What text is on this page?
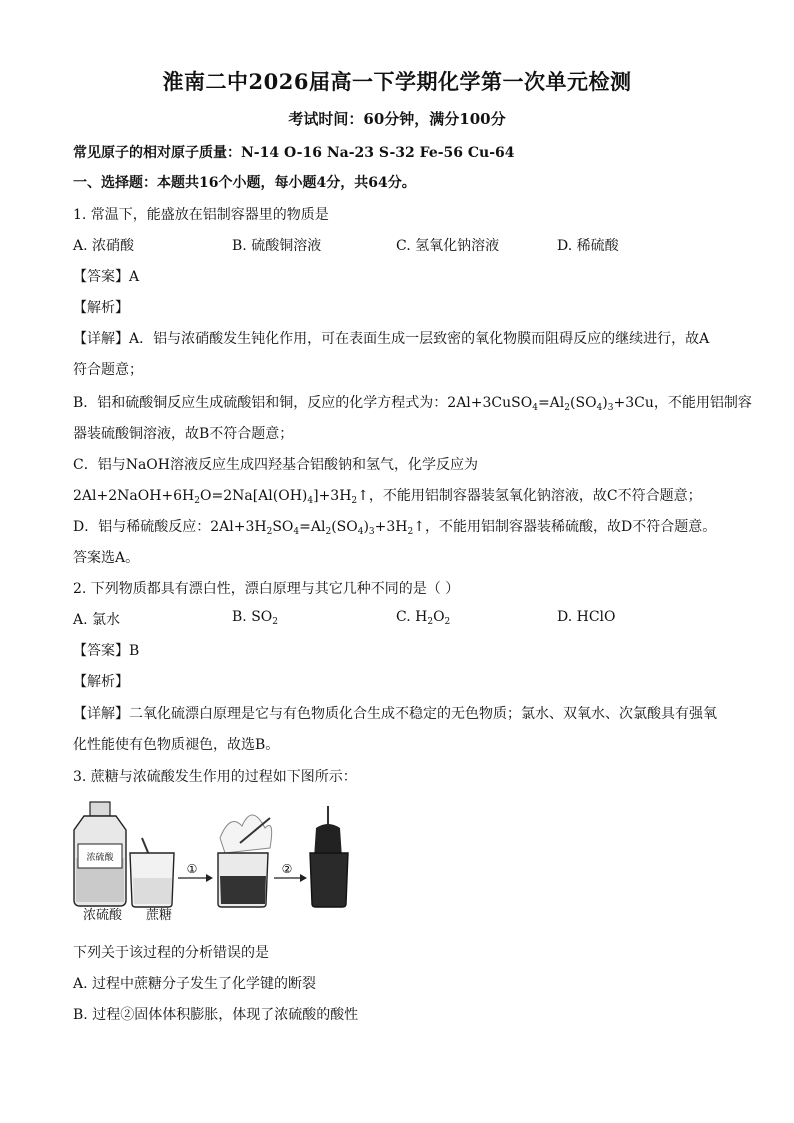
淮南二中2026届高一下学期化学第一次单元检测
考试时间：60分钟，满分100分
常见原子的相对原子质量：N-14 O-16 Na-23 S-32 Fe-56 Cu-64
一、选择题：本题共16个小题，每小题4分，共64分。
1. 常温下，能盛放在铝制容器里的物质是
A. 浓硝酸	B. 硫酸铜溶液	C. 氢氧化钠溶液	D. 稀硫酸
【答案】A
【解析】
【详解】A．铝与浓硝酸发生钝化作用，可在表面生成一层致密的氧化物膜而阻碍反应的继续进行，故A
符合题意；
B．铝和硫酸铜反应生成硫酸铝和铜，反应的化学方程式为：$2Al+3CuSO_4=Al_2(SO_4)_3+3Cu$，不能用铝制容
器装硫酸铜溶液，故B不符合题意；
C．铝与NaOH溶液反应生成四羟基合铝酸钠和氢气，化学反应为
$2Al+2NaOH+6H_2O=2Na[Al(OH)_4]+3H_2↑$，不能用铝制容器装氢氧化钠溶液，故C不符合题意；
D．铝与稀硫酸反应：$2Al+3H_2SO_4=Al_2(SO_4)_3+3H_2↑$，不能用铝制容器装稀硫酸，故D不符合题意。
答案选A。
2. 下列物质都具有漂白性，漂白原理与其它几种不同的是（ ）
A. 氯水	B. $SO_2$	C. $H_2O_2$	D. HClO
【答案】B
【解析】
【详解】二氧化硫漂白原理是它与有色物质化合生成不稳定的无色物质；氯水、双氧水、次氯酸具有强氧
化性能使有色物质褪色，故选B。
3. 蔗糖与浓硫酸发生作用的过程如下图所示：
浓硫酸
①	②
浓硫酸 蔗糖
下列关于该过程的分析错误的是
A. 过程中蔗糖分子发生了化学键的断裂
B. 过程②固体体积膨胀，体现了浓硫酸的酸性
